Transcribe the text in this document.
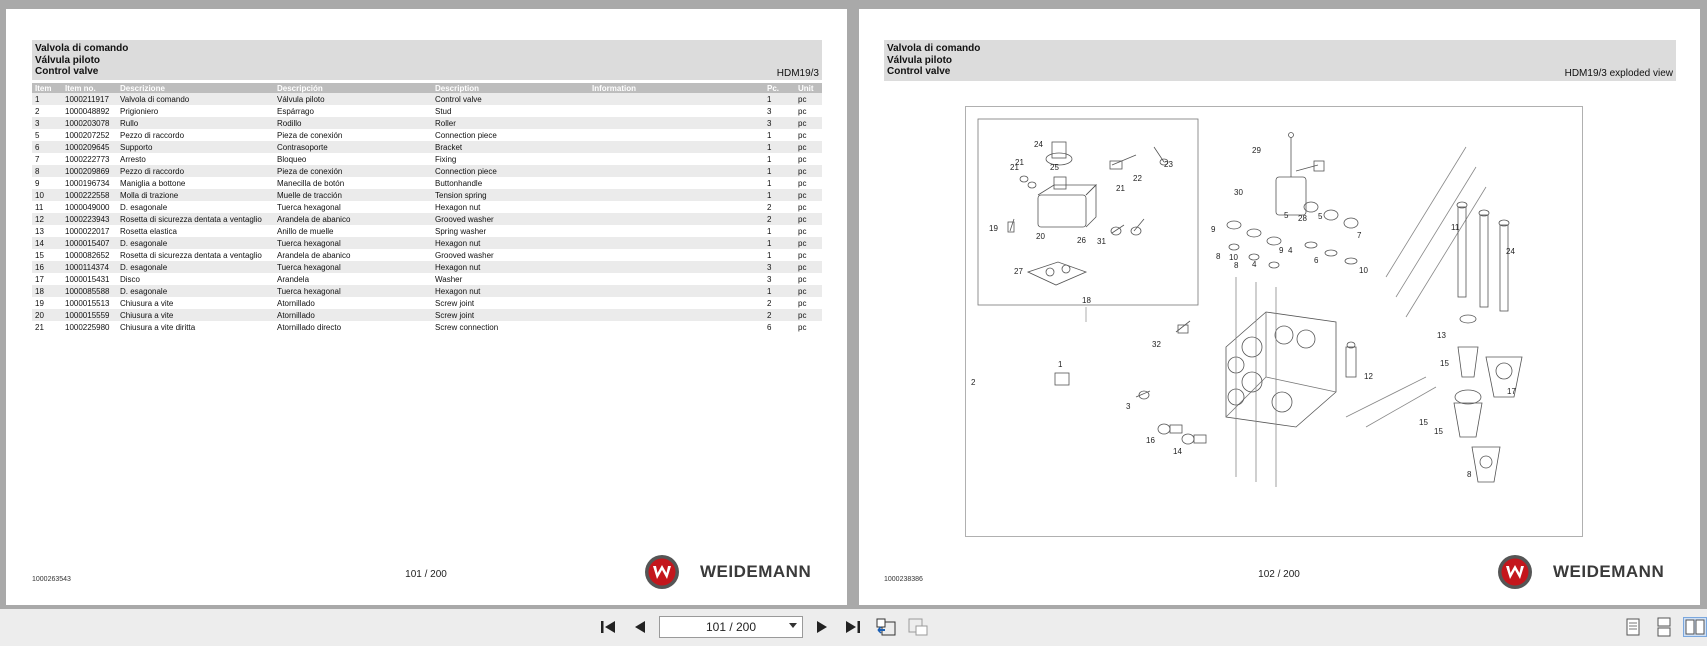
Valvola di comando
Válvula piloto
Control valve	HDM19/3
Item	Item no.	Descrizione	Descripción	Description	Information	Pc.	Unit
1	1000211917	Valvola di comando	Válvula piloto	Control valve		1	pc
2	1000048892	Prigioniero	Espárrago	Stud		3	pc
3	1000203078	Rullo	Rodillo	Roller		3	pc
5	1000207252	Pezzo di raccordo	Pieza de conexión	Connection piece		1	pc
6	1000209645	Supporto	Contrasoporte	Bracket		1	pc
7	1000222773	Arresto	Bloqueo	Fixing		1	pc
8	1000209869	Pezzo di raccordo	Pieza de conexión	Connection piece		1	pc
9	1000196734	Maniglia a bottone	Manecilla de botón	Buttonhandle		1	pc
10	1000222558	Molla di trazione	Muelle de tracción	Tension spring		1	pc
11	1000049000	D. esagonale	Tuerca hexagonal	Hexagon nut		2	pc
12	1000223943	Rosetta di sicurezza dentata a ventaglio	Arandela de abanico	Grooved washer		2	pc
13	1000022017	Rosetta elastica	Anillo de muelle	Spring washer		1	pc
14	1000015407	D. esagonale	Tuerca hexagonal	Hexagon nut		1	pc
15	1000082652	Rosetta di sicurezza dentata a ventaglio	Arandela de abanico	Grooved washer		1	pc
16	1000114374	D. esagonale	Tuerca hexagonal	Hexagon nut		3	pc
17	1000015431	Disco	Arandela	Washer		3	pc
18	1000085588	D. esagonale	Tuerca hexagonal	Hexagon nut		1	pc
19	1000015513	Chiusura a vite	Atornillado	Screw joint		2	pc
20	1000015559	Chiusura a vite	Atornillado	Screw joint		2	pc
21	1000225980	Chiusura a vite diritta	Atornillado directo	Screw connection		6	pc
1000263543	101 / 200	WEIDEMANN
Valvola di comando
Válvula piloto
Control valve	HDM19/3 exploded view
24
21
21	25	23
22
21
29
30
28
5	5
7
9
8
8
9 4
4	6
10
11
24
19
20	26 31
27
18
32
1
2
3
12
13
15
17
16
14
15
15
8
10
1000238386	102 / 200	WEIDEMANN
101 / 200
